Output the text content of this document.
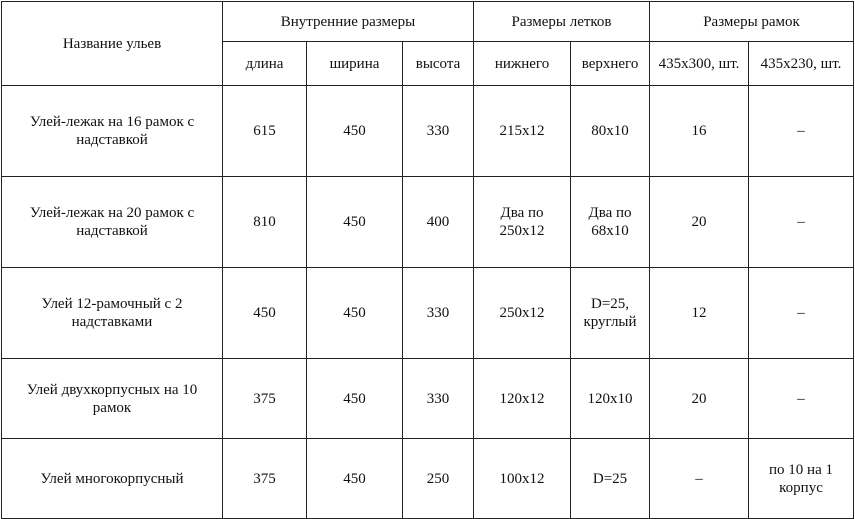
Название ульев	Внутренние размеры			Размеры летков		Размеры рамок	
	длина	ширина	высота	нижнего	верхнего	435x300, шт.	435x230, шт.
Улей-лежак на 16 рамок с надставкой	615	450	330	215x12	80x10	16	–
Улей-лежак на 20 рамок с надставкой	810	450	400	Два по 250x12	Два по 68x10	20	–
Улей 12-рамочный с 2 надставками	450	450	330	250x12	D=25, круглый	12	–
Улей двухкорпусных на 10 рамок	375	450	330	120x12	120x10	20	–
Улей многокорпусный	375	450	250	100x12	D=25	–	по 10 на 1 корпус
